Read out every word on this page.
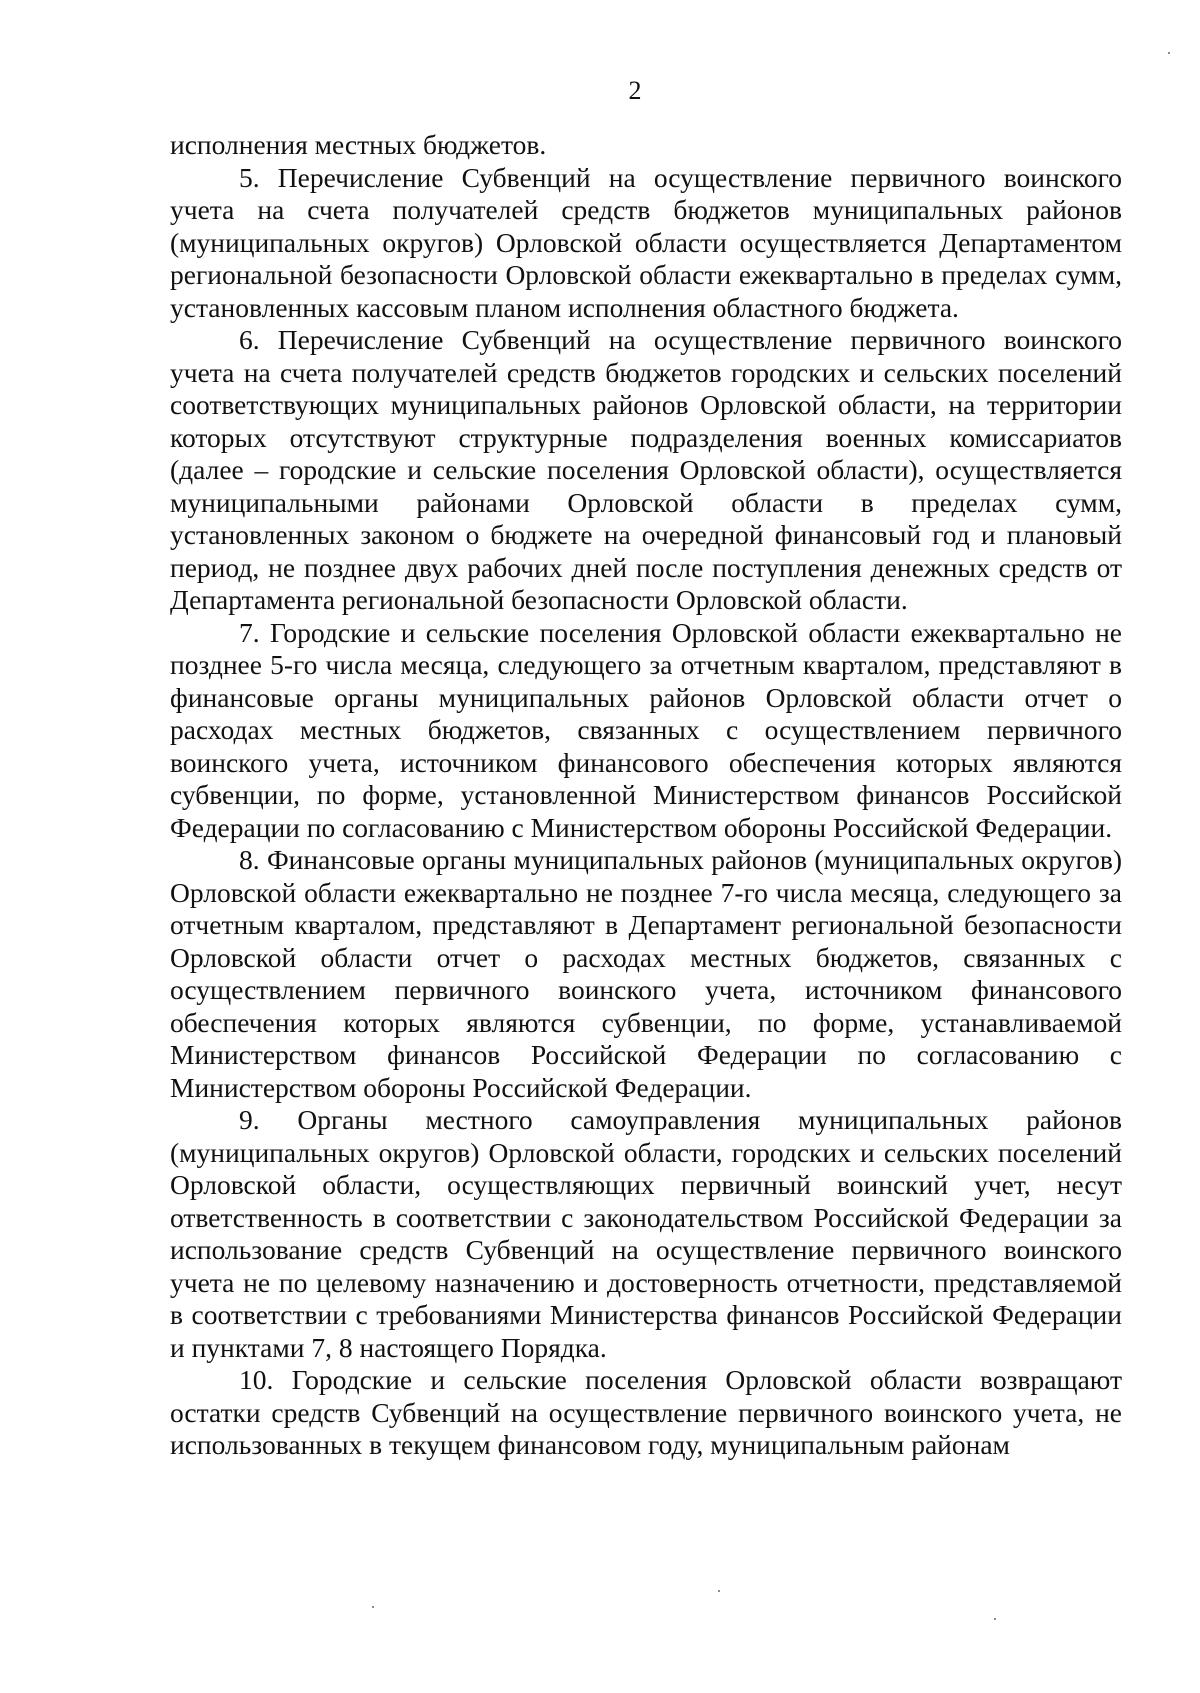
2

исполнения местных бюджетов.

5. Перечисление Субвенций на осуществление первичного воинского учета на счета получателей средств бюджетов муниципальных районов (муниципальных округов) Орловской области осуществляется Департаментом региональной безопасности Орловской области ежеквартально в пределах сумм, установленных кассовым планом исполнения областного бюджета.

6. Перечисление Субвенций на осуществление первичного воинского учета на счета получателей средств бюджетов городских и сельских поселений соответствующих муниципальных районов Орловской области, на территории которых отсутствуют структурные подразделения военных комиссариатов (далее – городские и сельские поселения Орловской области), осуществляется муниципальными районами Орловской области в пределах сумм, установленных законом о бюджете на очередной финансовый год и плановый период, не позднее двух рабочих дней после поступления денежных средств от Департамента региональной безопасности Орловской области.

7. Городские и сельские поселения Орловской области ежеквартально не позднее 5-го числа месяца, следующего за отчетным кварталом, представляют в финансовые органы муниципальных районов Орловской области отчет о расходах местных бюджетов, связанных с осуществлением первичного воинского учета, источником финансового обеспечения которых являются субвенции, по форме, установленной Министерством финансов Российской Федерации по согласованию с Министерством обороны Российской Федерации.

8. Финансовые органы муниципальных районов (муниципальных округов) Орловской области ежеквартально не позднее 7-го числа месяца, следующего за отчетным кварталом, представляют в Департамент региональной безопасности Орловской области отчет о расходах местных бюджетов, связанных с осуществлением первичного воинского учета, источником финансового обеспечения которых являются субвенции, по форме, устанавливаемой Министерством финансов Российской Федерации по согласованию с Министерством обороны Российской Федерации.

9. Органы местного самоуправления муниципальных районов (муниципальных округов) Орловской области, городских и сельских поселений Орловской области, осуществляющих первичный воинский учет, несут ответственность в соответствии с законодательством Российской Федерации за использование средств Субвенций на осуществление первичного воинского учета не по целевому назначению и достоверность отчетности, представляемой в соответствии с требованиями Министерства финансов Российской Федерации и пунктами 7, 8 настоящего Порядка.

10. Городские и сельские поселения Орловской области возвращают остатки средств Субвенций на осуществление первичного воинского учета, не использованных в текущем финансовом году, муниципальным районам
